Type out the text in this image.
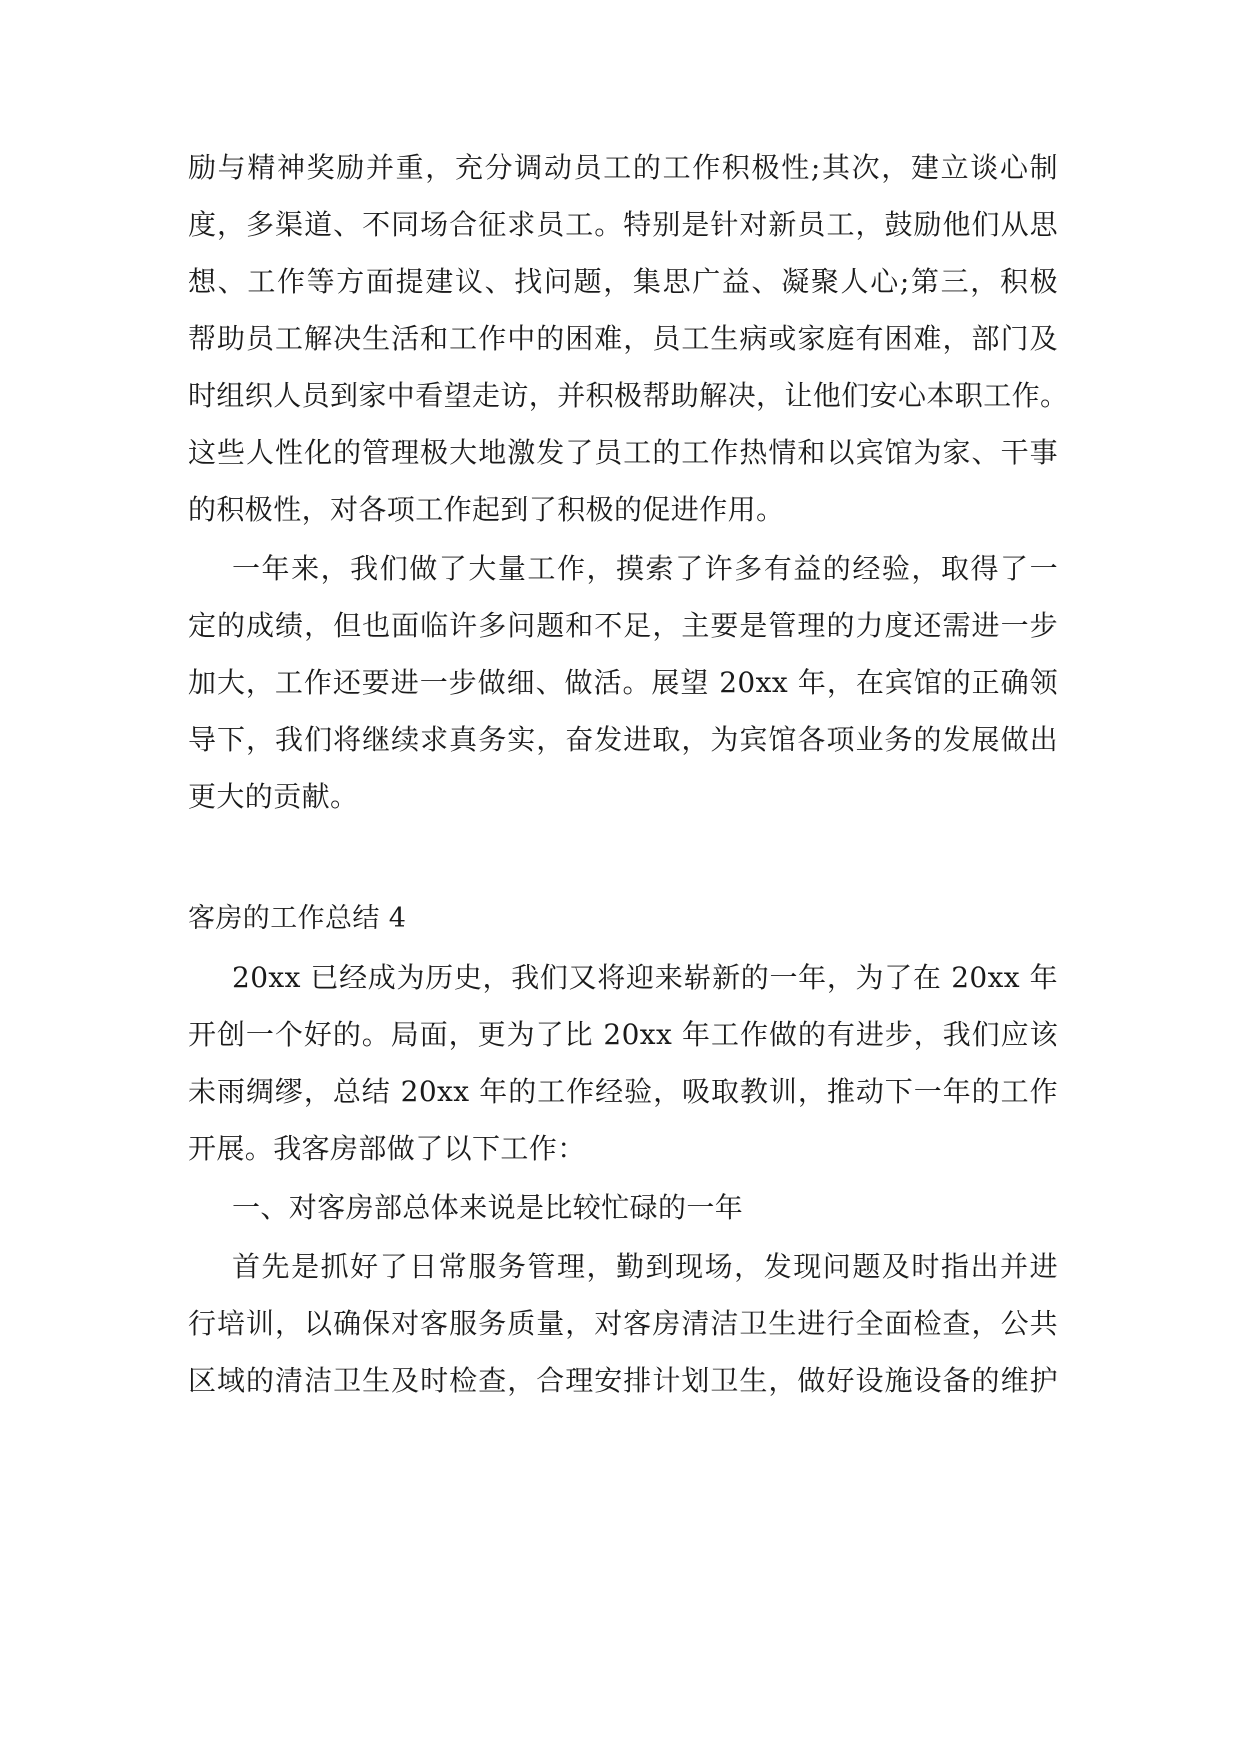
励与精神奖励并重，充分调动员工的工作积极性;其次，建立谈心制
度，多渠道、不同场合征求员工。特别是针对新员工，鼓励他们从思
想、工作等方面提建议、找问题，集思广益、凝聚人心;第三，积极
帮助员工解决生活和工作中的困难，员工生病或家庭有困难，部门及
时组织人员到家中看望走访，并积极帮助解决，让他们安心本职工作。
这些人性化的管理极大地激发了员工的工作热情和以宾馆为家、干事
的积极性，对各项工作起到了积极的促进作用。
一年来，我们做了大量工作，摸索了许多有益的经验，取得了一
定的成绩，但也面临许多问题和不足，主要是管理的力度还需进一步
加大，工作还要进一步做细、做活。展望 20xx 年，在宾馆的正确领
导下，我们将继续求真务实，奋发进取，为宾馆各项业务的发展做出
更大的贡献。
客房的工作总结 4
20xx 已经成为历史，我们又将迎来崭新的一年，为了在 20xx 年
开创一个好的。局面，更为了比 20xx 年工作做的有进步，我们应该
未雨绸缪，总结 20xx 年的工作经验，吸取教训，推动下一年的工作
开展。我客房部做了以下工作：
一、对客房部总体来说是比较忙碌的一年
首先是抓好了日常服务管理，勤到现场，发现问题及时指出并进
行培训，以确保对客服务质量，对客房清洁卫生进行全面检查，公共
区域的清洁卫生及时检查，合理安排计划卫生，做好设施设备的维护
